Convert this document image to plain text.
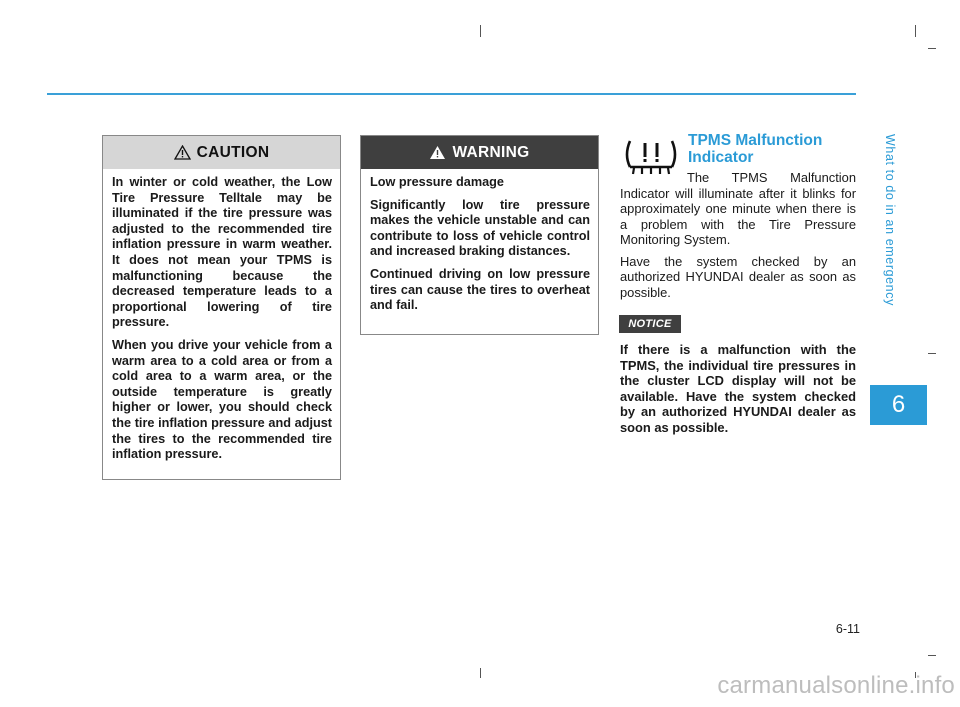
What to do in an emergency
6
CAUTION

In winter or cold weather, the Low Tire Pressure Telltale may be illuminated if the tire pressure was adjusted to the recommended tire inflation pressure in warm weather. It does not mean your TPMS is malfunctioning because the decreased temperature leads to a proportional lowering of tire pressure.

When you drive your vehicle from a warm area to a cold area or from a cold area to a warm area, or the outside temperature is greatly higher or lower, you should check the tire inflation pressure and adjust the tires to the recommended tire inflation pressure.

WARNING

Low pressure damage

Significantly low tire pressure makes the vehicle unstable and can contribute to loss of vehicle control and increased braking distances.

Continued driving on low pressure tires can cause the tires to overheat and fail.

TPMS Malfunction Indicator

The TPMS Malfunction Indicator will illuminate after it blinks for approximately one minute when there is a problem with the Tire Pressure Monitoring System.

Have the system checked by an authorized HYUNDAI dealer as soon as possible.

NOTICE

If there is a malfunction with the TPMS, the individual tire pressures in the cluster LCD display will not be available. Have the system checked by an authorized HYUNDAI dealer as soon as possible.

6-11
carmanualsonline.info
